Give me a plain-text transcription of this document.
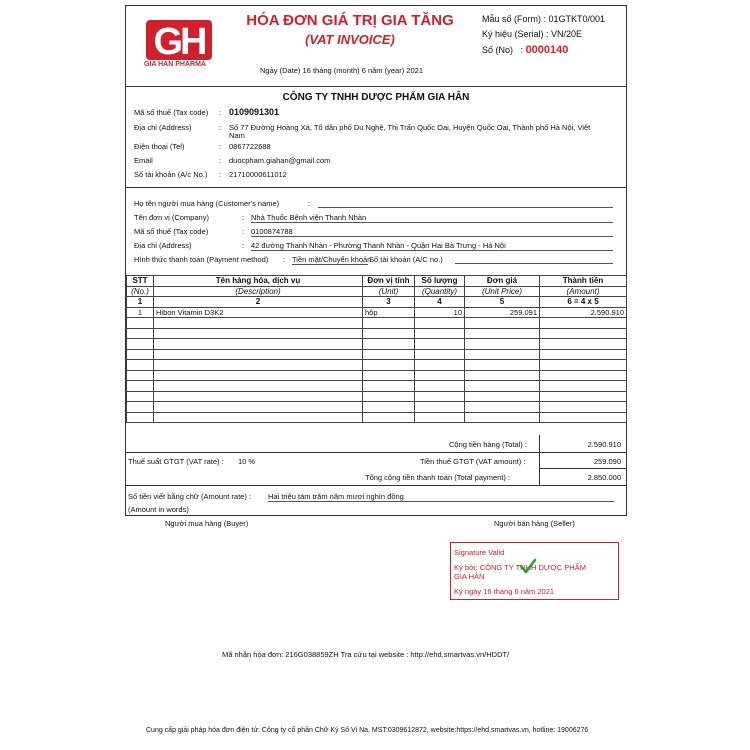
GH
GIA HAN PHARMA
HÓA ĐƠN GIÁ TRỊ GIA TĂNG
(VAT INVOICE)
Ngày (Date) 16 tháng (month) 6 năm (year) 2021
Mẫu số (Form) : 01GTKT0/001
Ký hiệu (Serial) : VN/20E
Số (No) : 0000140
CÔNG TY TNHH DƯỢC PHẨM GIA HÂN
Mã số thuế (Tax code) : 0109091301
Địa chỉ (Address)	: Số 77 Đường Hoàng Xá, Tổ dân phố Du Nghệ, Thị Trấn Quốc Oai, Huyện Quốc Oai, Thành phố Hà Nội, Việt
Nam
Điện thoại (Tel)	: 0867722688
Email	: duocpham.giahan@gmail.com
Số tài khoản (A/c No.) : 21710000611012
Họ tên người mua hàng (Customer's name)	:
Tên đơn vị (Company)	: Nhà Thuốc Bệnh viện Thanh Nhàn
Mã số thuế (Tax code)	: 0100874788
Địa chỉ (Address)	: 42 đường Thanh Nhàn - Phường Thanh Nhàn - Quận Hai Bà Trưng - Hà Nội
Hình thức thanh toán (Payment method) : Tiền mặt/Chuyển khoản
Số tài khoản (A/C no.)
STT	Tên hàng hóa, dịch vụ	Đơn vị tính	Số lượng	Đơn giá	Thành tiền
(No.)	(Description)	(Unit)	(Quantity)	(Unit Price)	(Amount)
1	2	3	4	5	6 = 4 x 5
1	Hibon Vitamin D3K2	hộp	10	259.091	2.590.910

Cộng tiền hàng (Total) :	2.590.910
Thuế suất GTGT (VAT rate) : 10 %	Tiền thuế GTGT (VAT amount) :	259.090
Tổng cộng tiền thanh toán (Total payment) :	2.850.000
Số tiền viết bằng chữ (Amount rate) : Hai triệu tám trăm năm mươi nghìn đồng
(Amount in words)
Người mua hàng (Buyer)	Người bán hàng (Seller)
Signature Valid
Ký bởi: CÔNG TY TNHH DƯỢC PHẨM
GIA HÂN
Ký ngày 16 tháng 6 năm 2021
Mã nhận hóa đơn: 216G038859ZH Tra cứu tại website : http://ehd.smartvas.vn/HDDT/
Cung cấp giải pháp hóa đơn điện tử: Công ty cổ phần Chữ Ký Số Vi Na, MST:0309612872, website:https://ehd.smartvas.vn, hotline: 19006276
